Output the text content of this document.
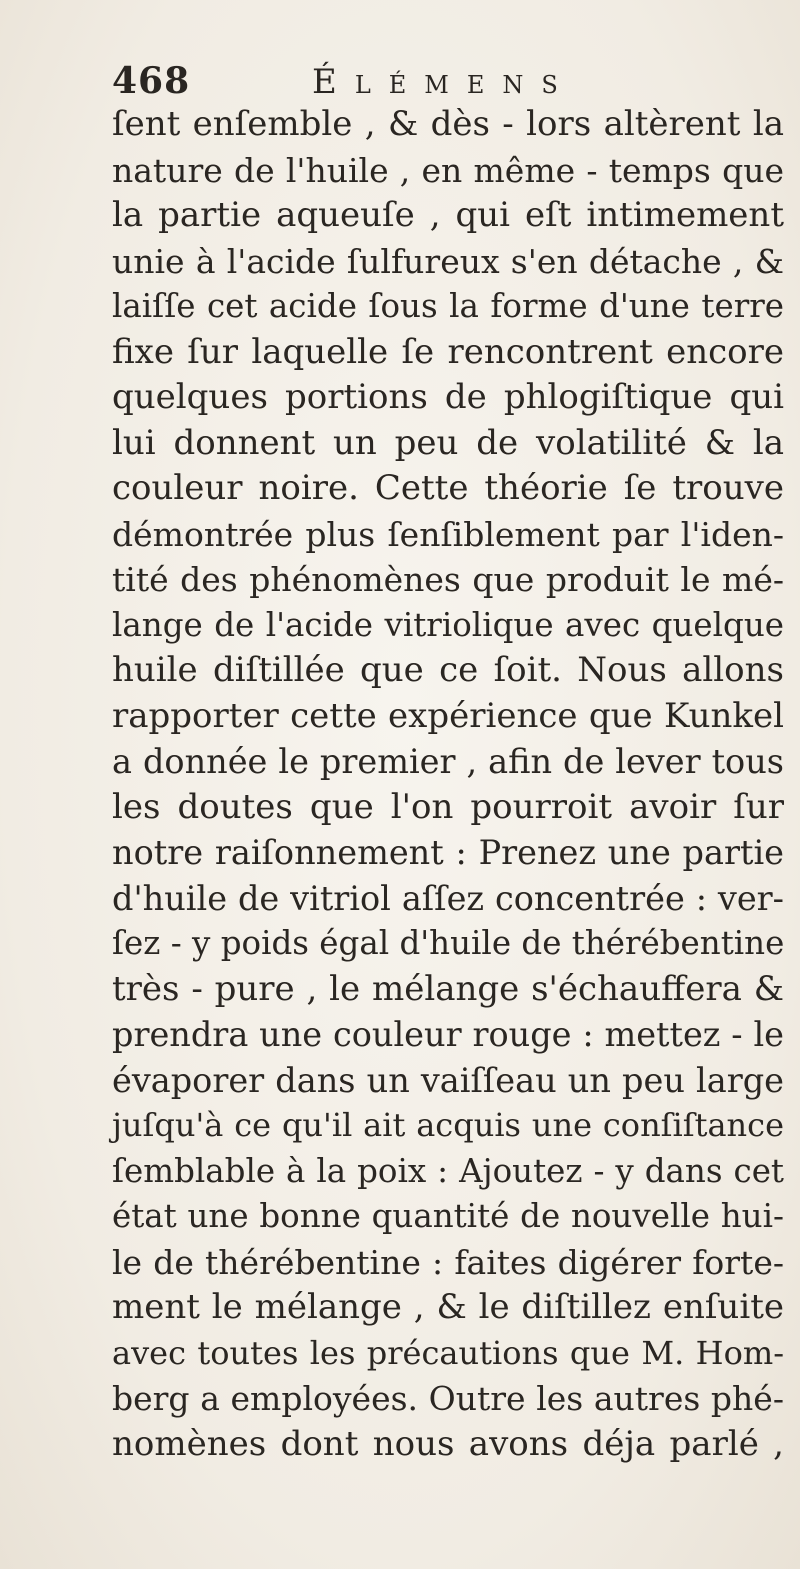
468	Élémens
ſent enſemble , & dès - lors altèrent la
nature de l'huile , en même - temps que
la partie aqueuſe , qui eſt intimement
unie à l'acide ſulfureux s'en détache , &
laiſſe cet acide ſous la forme d'une terre
fixe ſur laquelle ſe rencontrent encore
quelques portions de phlogiſtique qui
lui donnent un peu de volatilité & la
couleur noire. Cette théorie ſe trouve
démontrée plus ſenſiblement par l'iden-
tité des phénomènes que produit le mé-
lange de l'acide vitriolique avec quelque
huile diſtillée que ce ſoit. Nous allons
rapporter cette expérience que Kunkel
a donnée le premier , afin de lever tous
les doutes que l'on pourroit avoir ſur
notre raiſonnement : Prenez une partie
d'huile de vitriol aſſez concentrée : ver-
ſez - y poids égal d'huile de thérébentine
très - pure , le mélange s'échauffera &
prendra une couleur rouge : mettez - le
évaporer dans un vaiſſeau un peu large
juſqu'à ce qu'il ait acquis une conſiſtance
ſemblable à la poix : Ajoutez - y dans cet
état une bonne quantité de nouvelle hui-
le de thérébentine : faites digérer forte-
ment le mélange , & le diſtillez enſuite
avec toutes les précautions que M. Hom-
berg a employées. Outre les autres phé-
nomènes dont nous avons déja parlé ,
